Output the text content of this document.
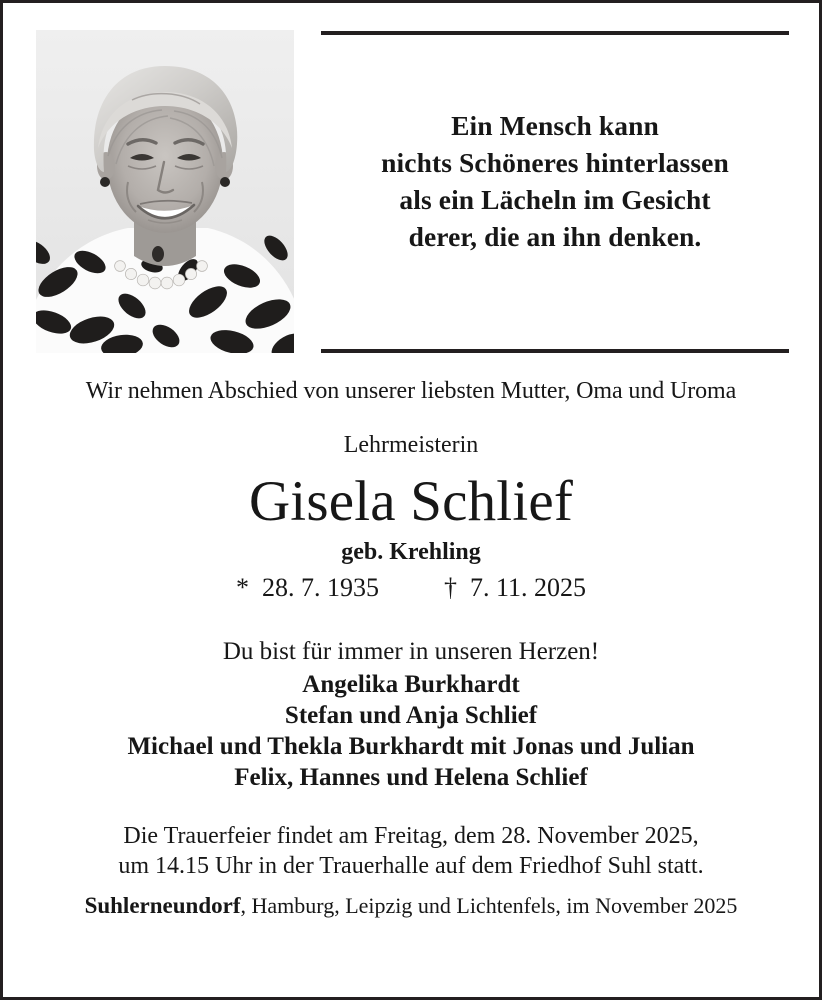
Ein Mensch kann
nichts Schöneres hinterlassen
als ein Lächeln im Gesicht
derer, die an ihn denken.
Wir nehmen Abschied von unserer liebsten Mutter, Oma und Uroma
Lehrmeisterin
Gisela Schlief
geb. Krehling
*  28. 7. 1935          †  7. 11. 2025
Du bist für immer in unseren Herzen!
Angelika Burkhardt
Stefan und Anja Schlief
Michael und Thekla Burkhardt mit Jonas und Julian
Felix, Hannes und Helena Schlief
Die Trauerfeier findet am Freitag, dem 28. November 2025,
um 14.15 Uhr in der Trauerhalle auf dem Friedhof Suhl statt.
Suhlerneundorf, Hamburg, Leipzig und Lichtenfels, im November 2025
